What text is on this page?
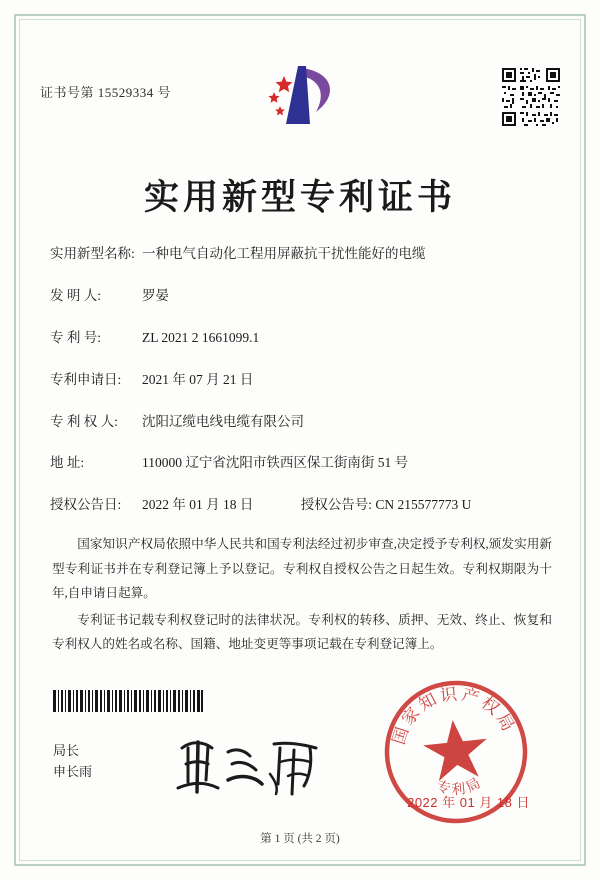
证书号第 15529334 号
实用新型专利证书
实用新型名称: 一种电气自动化工程用屏蔽抗干扰性能好的电缆
发 明 人:	罗晏
专 利 号:	ZL 2021 2 1661099.1
专利申请日: 2021 年 07 月 21 日
专 利 权 人: 沈阳辽缆电线电缆有限公司
地 址:	110000 辽宁省沈阳市铁西区保工街南街 51 号
授权公告日: 2022 年 01 月 18 日	授权公告号: CN 215577773 U

国家知识产权局依照中华人民共和国专利法经过初步审查,决定授予专利权,颁发实用新型专利证书并在专利登记簿上予以登记。专利权自授权公告之日起生效。专利权期限为十年,自申请日起算。

专利证书记载专利权登记时的法律状况。专利权的转移、质押、无效、终止、恢复和专利权人的姓名或名称、国籍、地址变更等事项记载在专利登记簿上。

局长
申长雨
国家知识产权局
专利局
2022 年 01 月 18 日
第 1 页 (共 2 页)
